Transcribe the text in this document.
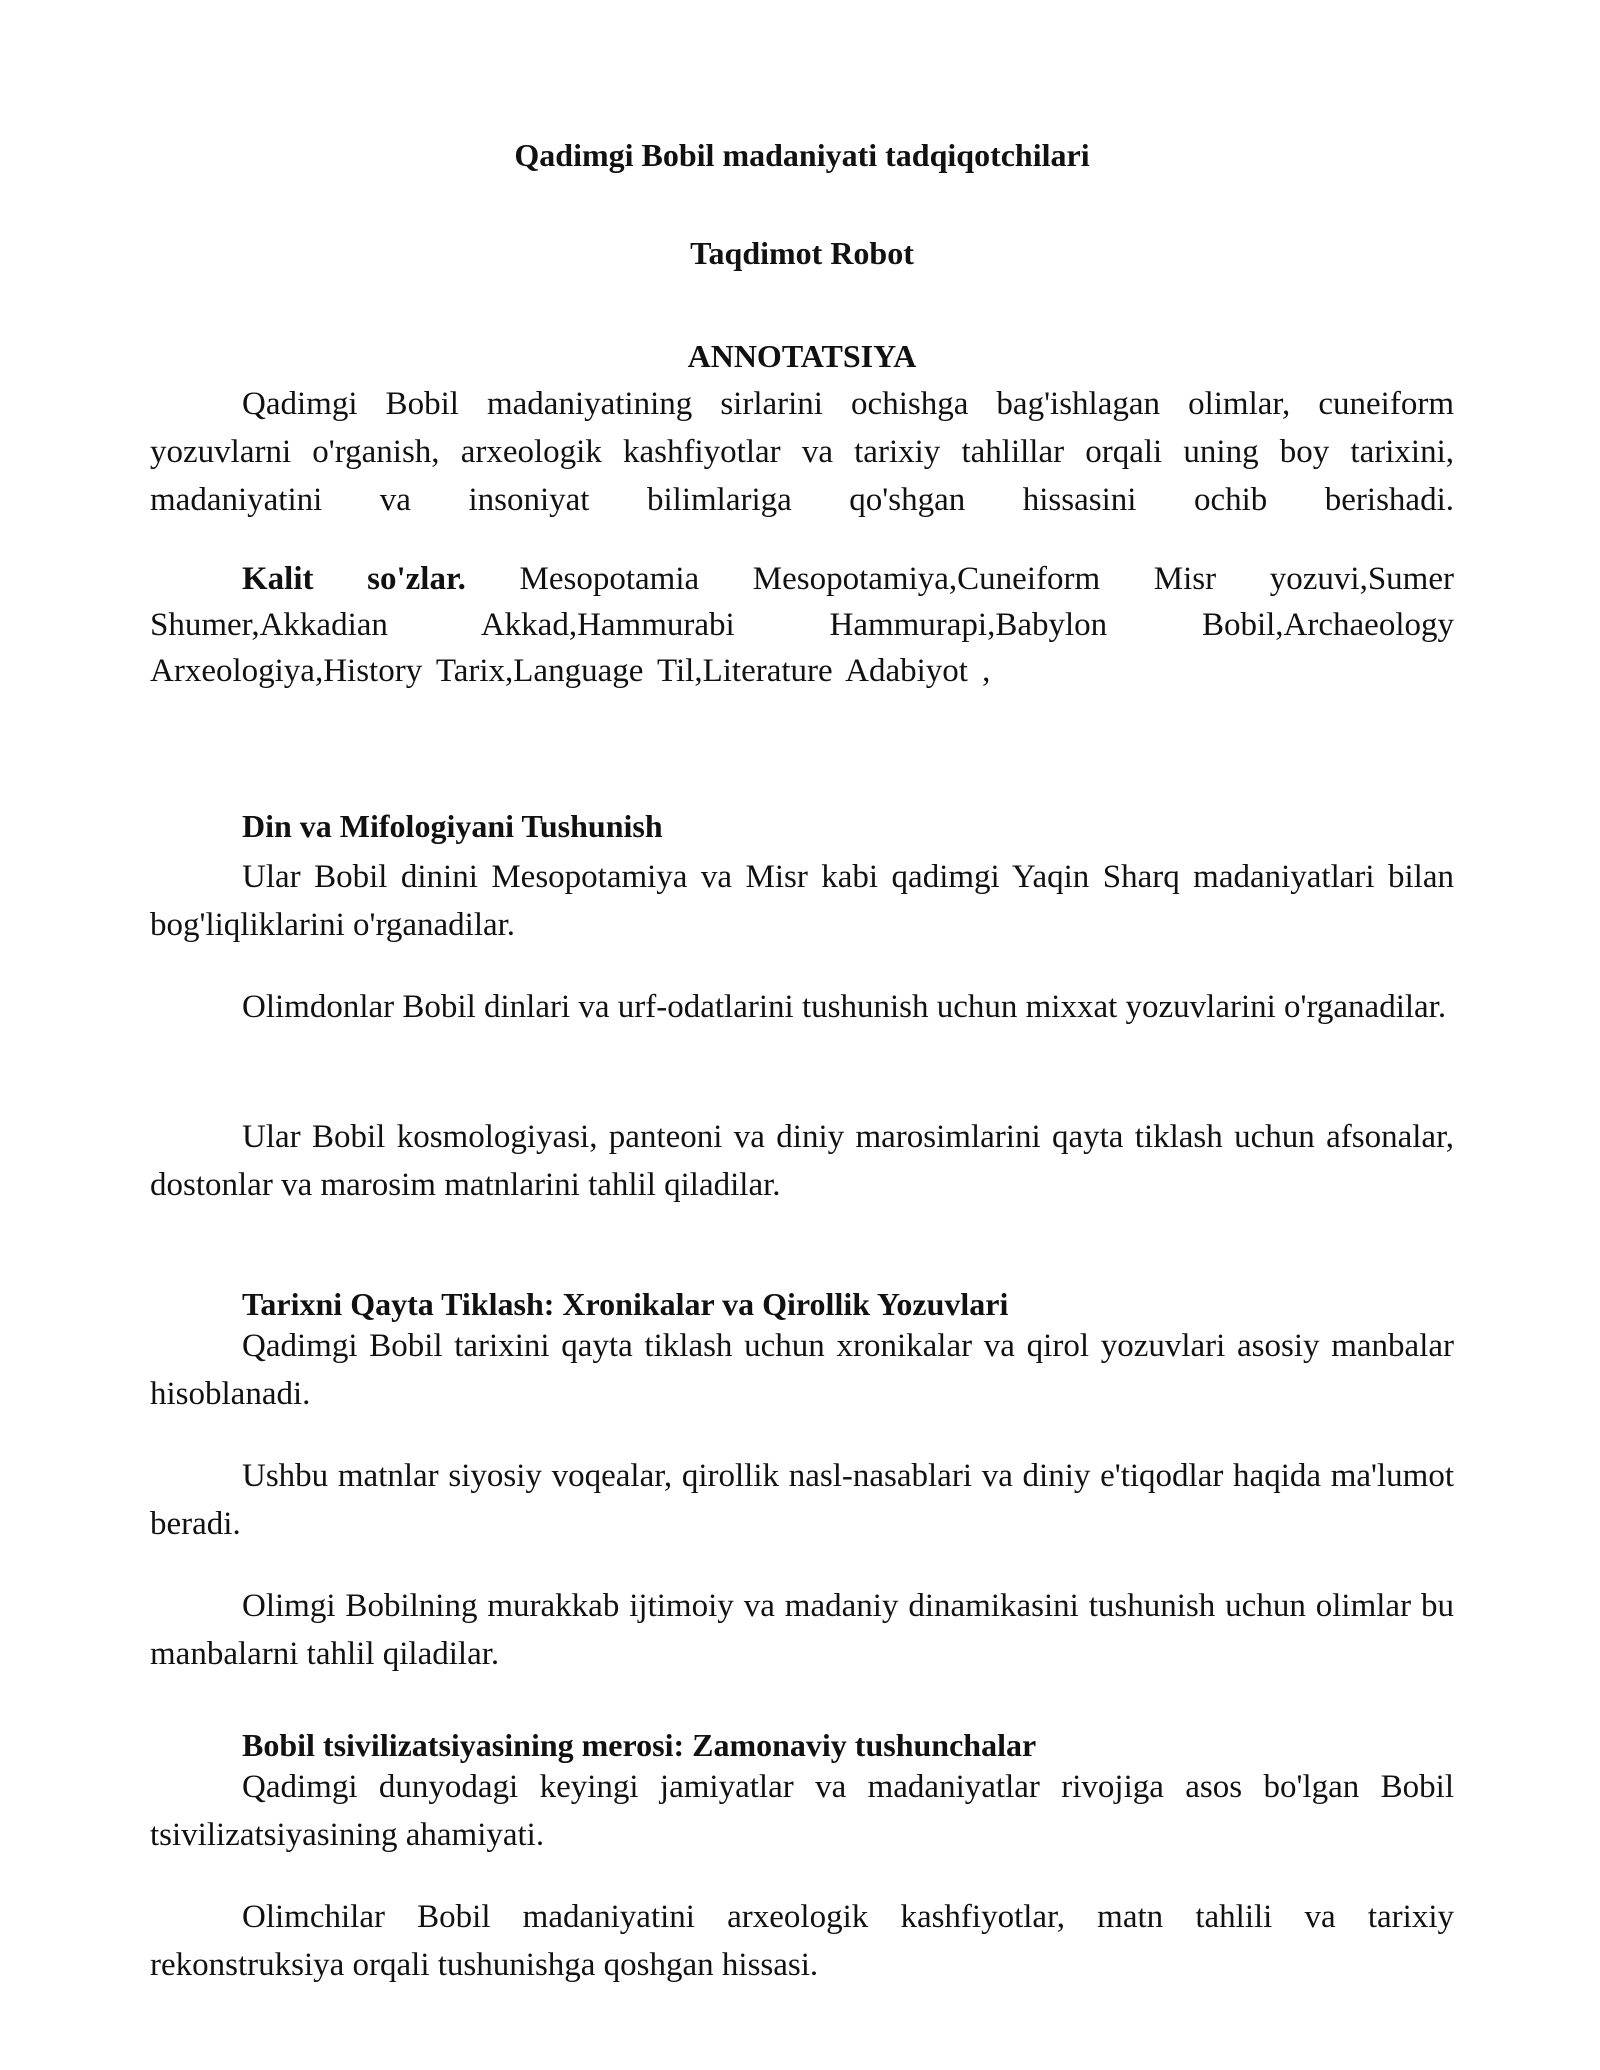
Qadimgi Bobil madaniyati tadqiqotchilari
Taqdimot Robot
ANNOTATSIYA

Qadimgi Bobil madaniyatining sirlarini ochishga bag'ishlagan olimlar, cuneiform yozuvlarni o'rganish, arxeologik kashfiyotlar va tarixiy tahlillar orqali uning boy tarixini, madaniyatini va insoniyat bilimlariga qo'shgan hissasini ochib berishadi.

Kalit so'zlar. Mesopotamia Mesopotamiya,Cuneiform Misr yozuvi,Sumer Shumer,Akkadian Akkad,Hammurabi Hammurapi,Babylon Bobil,Archaeology Arxeologiya,History Tarix,Language Til,Literature Adabiyot ,

Din va Mifologiyani Tushunish

Ular Bobil dinini Mesopotamiya va Misr kabi qadimgi Yaqin Sharq madaniyatlari bilan bog'liqliklarini o'rganadilar.

Olimdonlar Bobil dinlari va urf-odatlarini tushunish uchun mixxat yozuvlarini o'rganadilar.

Ular Bobil kosmologiyasi, panteoni va diniy marosimlarini qayta tiklash uchun afsonalar, dostonlar va marosim matnlarini tahlil qiladilar.

Tarixni Qayta Tiklash: Xronikalar va Qirollik Yozuvlari

Qadimgi Bobil tarixini qayta tiklash uchun xronikalar va qirol yozuvlari asosiy manbalar hisoblanadi.

Ushbu matnlar siyosiy voqealar, qirollik nasl-nasablari va diniy e'tiqodlar haqida ma'lumot beradi.

Olimgi Bobilning murakkab ijtimoiy va madaniy dinamikasini tushunish uchun olimlar bu manbalarni tahlil qiladilar.

Bobil tsivilizatsiyasining merosi: Zamonaviy tushunchalar

Qadimgi dunyodagi keyingi jamiyatlar va madaniyatlar rivojiga asos bo'lgan Bobil tsivilizatsiyasining ahamiyati.

Olimchilar Bobil madaniyatini arxeologik kashfiyotlar, matn tahlili va tarixiy rekonstruksiya orqali tushunishga qoshgan hissasi.
